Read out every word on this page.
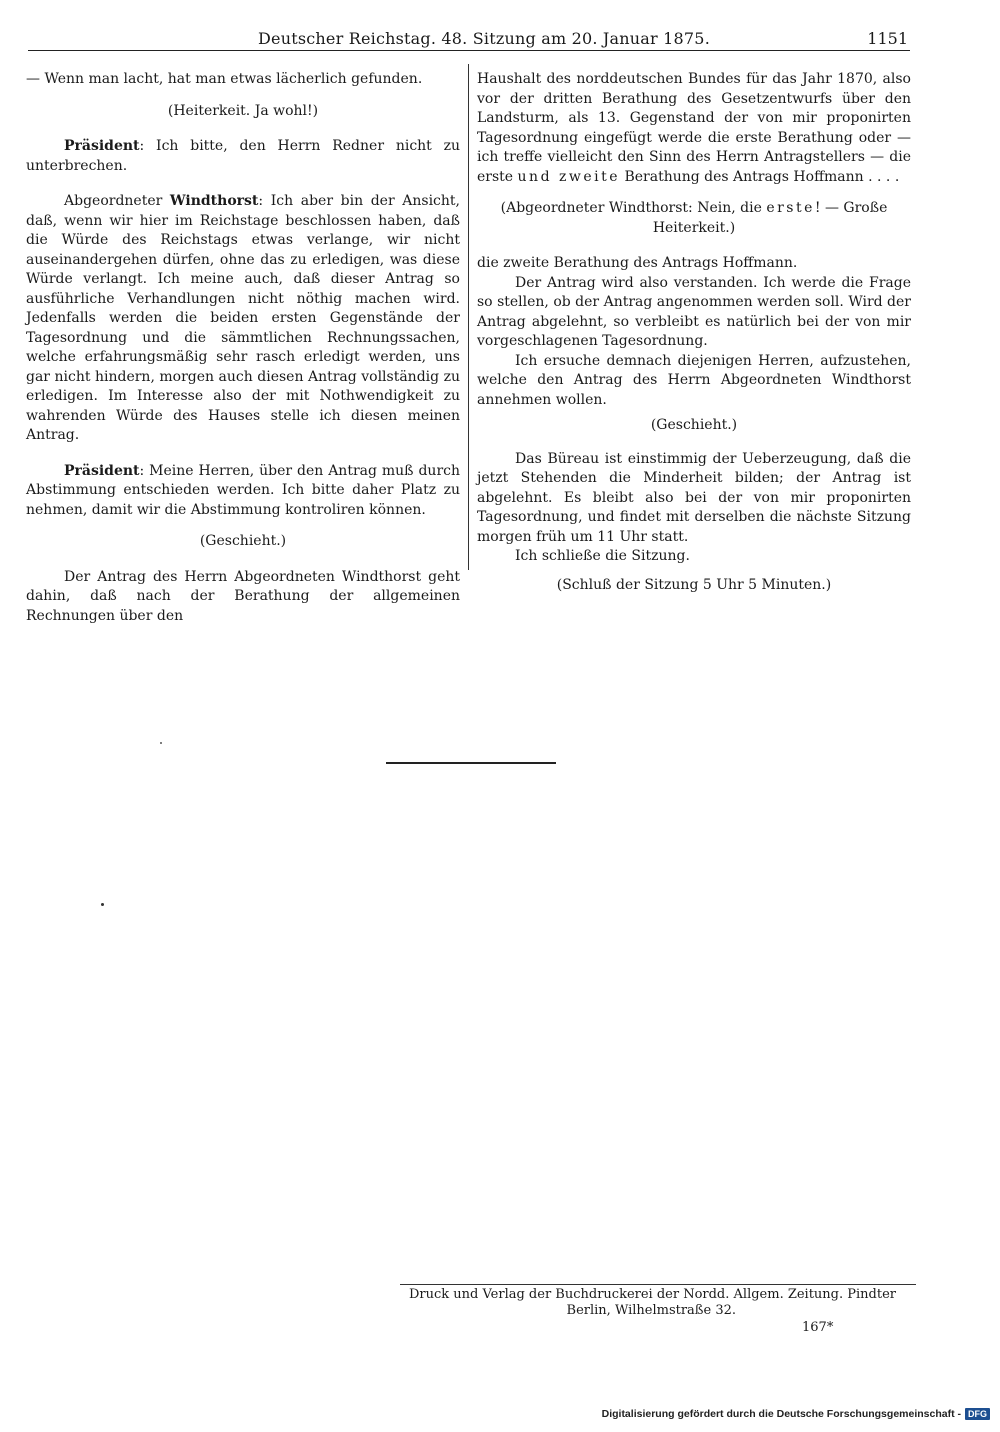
Deutscher Reichstag. 48. Sitzung am 20. Januar 1875.	1151

— Wenn man lacht, hat man etwas lächerlich gefunden.

(Heiterkeit. Ja wohl!)

Präsident: Ich bitte, den Herrn Redner nicht zu unterbrechen.

Abgeordneter Windthorst: Ich aber bin der Ansicht, daß, wenn wir hier im Reichstage beschlossen haben, daß die Würde des Reichstags etwas verlange, wir nicht auseinandergehen dürfen, ohne das zu erledigen, was diese Würde verlangt. Ich meine auch, daß dieser Antrag so ausführliche Verhandlungen nicht nöthig machen wird. Jedenfalls werden die beiden ersten Gegenstände der Tagesordnung und die sämmtlichen Rechnungssachen, welche erfahrungsmäßig sehr rasch erledigt werden, uns gar nicht hindern, morgen auch diesen Antrag vollständig zu erledigen. Im Interesse also der mit Nothwendigkeit zu wahrenden Würde des Hauses stelle ich diesen meinen Antrag.

Präsident: Meine Herren, über den Antrag muß durch Abstimmung entschieden werden. Ich bitte daher Platz zu nehmen, damit wir die Abstimmung kontroliren können.

(Geschieht.)

Der Antrag des Herrn Abgeordneten Windthorst geht dahin, daß nach der Berathung der allgemeinen Rechnungen über den

Haushalt des norddeutschen Bundes für das Jahr 1870, also vor der dritten Berathung des Gesetzentwurfs über den Landsturm, als 13. Gegenstand der von mir proponirten Tagesordnung eingefügt werde die erste Berathung oder — ich treffe vielleicht den Sinn des Herrn Antragstellers — die erste und zweite Berathung des Antrags Hoffmann . . . .

(Abgeordneter Windthorst: Nein, die erste! — Große Heiterkeit.)

die zweite Berathung des Antrags Hoffmann.

Der Antrag wird also verstanden. Ich werde die Frage so stellen, ob der Antrag angenommen werden soll. Wird der Antrag abgelehnt, so verbleibt es natürlich bei der von mir vorgeschlagenen Tagesordnung.

Ich ersuche demnach diejenigen Herren, aufzustehen, welche den Antrag des Herrn Abgeordneten Windthorst annehmen wollen.

(Geschieht.)

Das Büreau ist einstimmig der Ueberzeugung, daß die jetzt Stehenden die Minderheit bilden; der Antrag ist abgelehnt. Es bleibt also bei der von mir proponirten Tagesordnung, und findet mit derselben die nächste Sitzung morgen früh um 11 Uhr statt.

Ich schließe die Sitzung.

(Schluß der Sitzung 5 Uhr 5 Minuten.)

Druck und Verlag der Buchdruckerei der Nordd. Allgem. Zeitung. Pindter

Berlin, Wilhelmstraße 32.
167*
Digitalisierung gefördert durch die Deutsche Forschungsgemeinschaft - DFG
